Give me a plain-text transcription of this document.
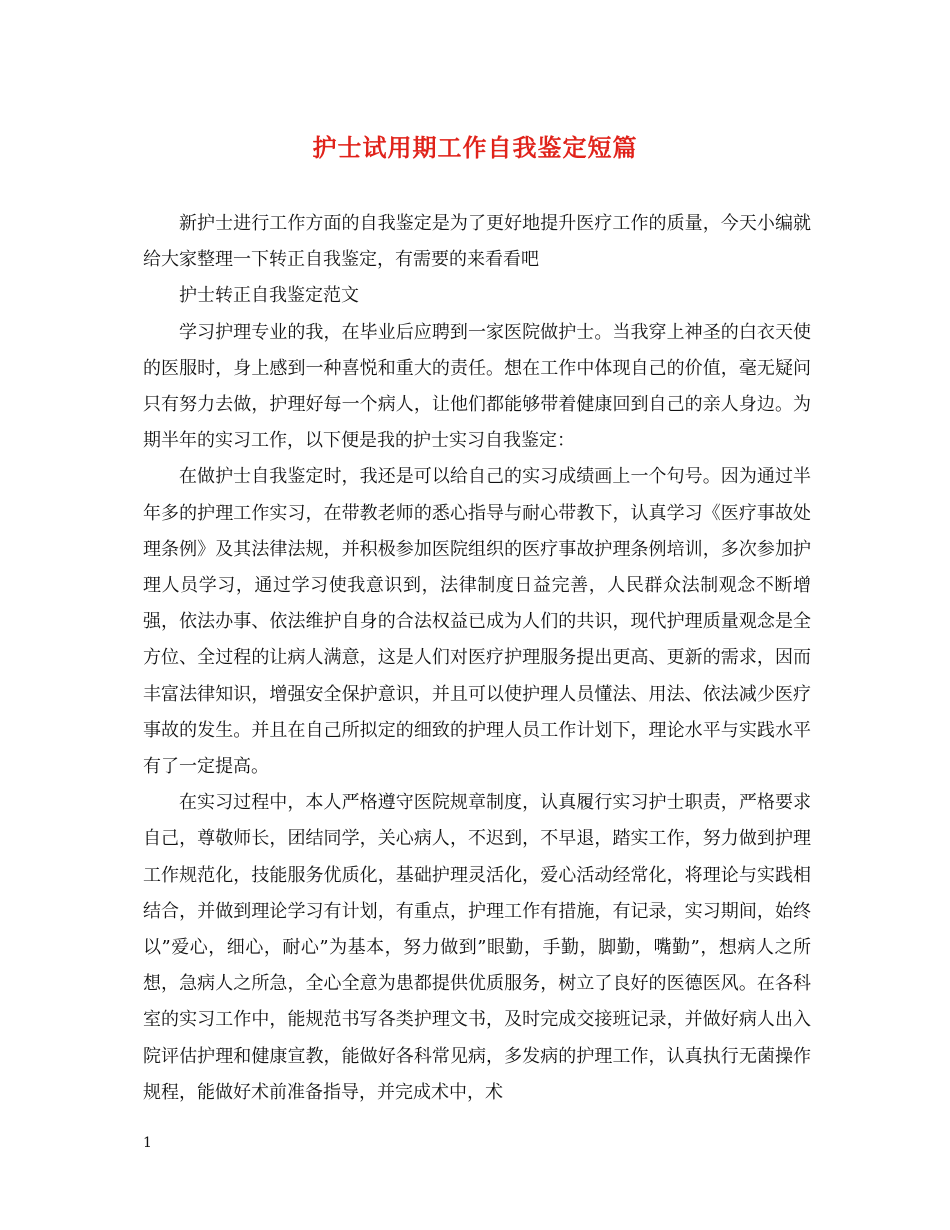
护士试用期工作自我鉴定短篇

新护士进行工作方面的自我鉴定是为了更好地提升医疗工作的质量，今天小编就给大家整理一下转正自我鉴定，有需要的来看看吧

护士转正自我鉴定范文

学习护理专业的我，在毕业后应聘到一家医院做护士。当我穿上神圣的白衣天使的医服时，身上感到一种喜悦和重大的责任。想在工作中体现自己的价值，毫无疑问只有努力去做，护理好每一个病人，让他们都能够带着健康回到自己的亲人身边。为期半年的实习工作，以下便是我的护士实习自我鉴定：

在做护士自我鉴定时，我还是可以给自己的实习成绩画上一个句号。因为通过半年多的护理工作实习，在带教老师的悉心指导与耐心带教下，认真学习《医疗事故处理条例》及其法律法规，并积极参加医院组织的医疗事故护理条例培训，多次参加护理人员学习，通过学习使我意识到，法律制度日益完善，人民群众法制观念不断增强，依法办事、依法维护自身的合法权益已成为人们的共识，现代护理质量观念是全方位、全过程的让病人满意，这是人们对医疗护理服务提出更高、更新的需求，因而丰富法律知识，增强安全保护意识，并且可以使护理人员懂法、用法、依法减少医疗事故的发生。并且在自己所拟定的细致的护理人员工作计划下，理论水平与实践水平有了一定提高。

在实习过程中，本人严格遵守医院规章制度，认真履行实习护士职责，严格要求自己，尊敬师长，团结同学，关心病人，不迟到，不早退，踏实工作，努力做到护理工作规范化，技能服务优质化，基础护理灵活化，爱心活动经常化，将理论与实践相结合，并做到理论学习有计划，有重点，护理工作有措施，有记录，实习期间，始终以”爱心，细心，耐心”为基本，努力做到”眼勤，手勤，脚勤，嘴勤”，想病人之所想，急病人之所急，全心全意为患都提供优质服务，树立了良好的医德医风。在各科室的实习工作中，能规范书写各类护理文书，及时完成交接班记录，并做好病人出入院评估护理和健康宣教，能做好各科常见病，多发病的护理工作，认真执行无菌操作规程，能做好术前准备指导，并完成术中，术

1
